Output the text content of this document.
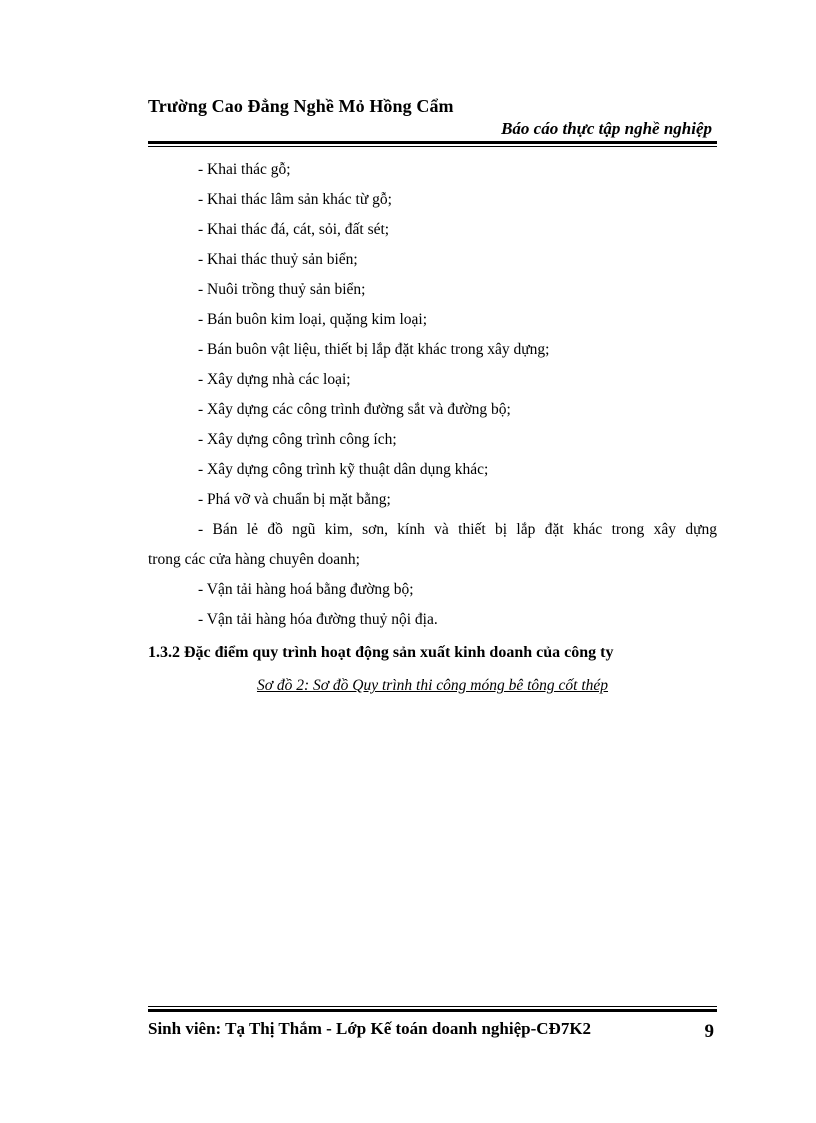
Trường Cao Đẳng Nghề Mỏ Hồng Cẩm
Báo cáo thực tập nghề nghiệp
- Khai thác gỗ;
- Khai thác lâm sản khác từ gỗ;
- Khai thác đá, cát, sỏi, đất sét;
- Khai thác thuỷ sản biển;
- Nuôi trồng thuỷ sản biển;
- Bán buôn kim loại, quặng kim loại;
- Bán buôn vật liệu, thiết bị lắp đặt khác trong xây dựng;
- Xây dựng nhà các loại;
- Xây dựng các công trình đường sắt và đường bộ;
- Xây dựng công trình công ích;
- Xây dựng công trình kỹ thuật dân dụng khác;
- Phá vỡ và chuẩn bị mặt bằng;
- Bán lẻ đồ ngũ kim, sơn, kính và thiết bị lắp đặt khác trong xây dựng
trong các cửa hàng chuyên doanh;
- Vận tải hàng hoá bằng đường bộ;
- Vận tải hàng hóa đường thuỷ nội địa.
1.3.2 Đặc điểm quy trình hoạt động sản xuất kinh doanh của công ty
Sơ đồ 2: Sơ đồ Quy trình thi công móng bê tông cốt thép
Sinh viên: Tạ Thị Thắm - Lớp Kế toán doanh nghiệp-CĐ7K2	9
